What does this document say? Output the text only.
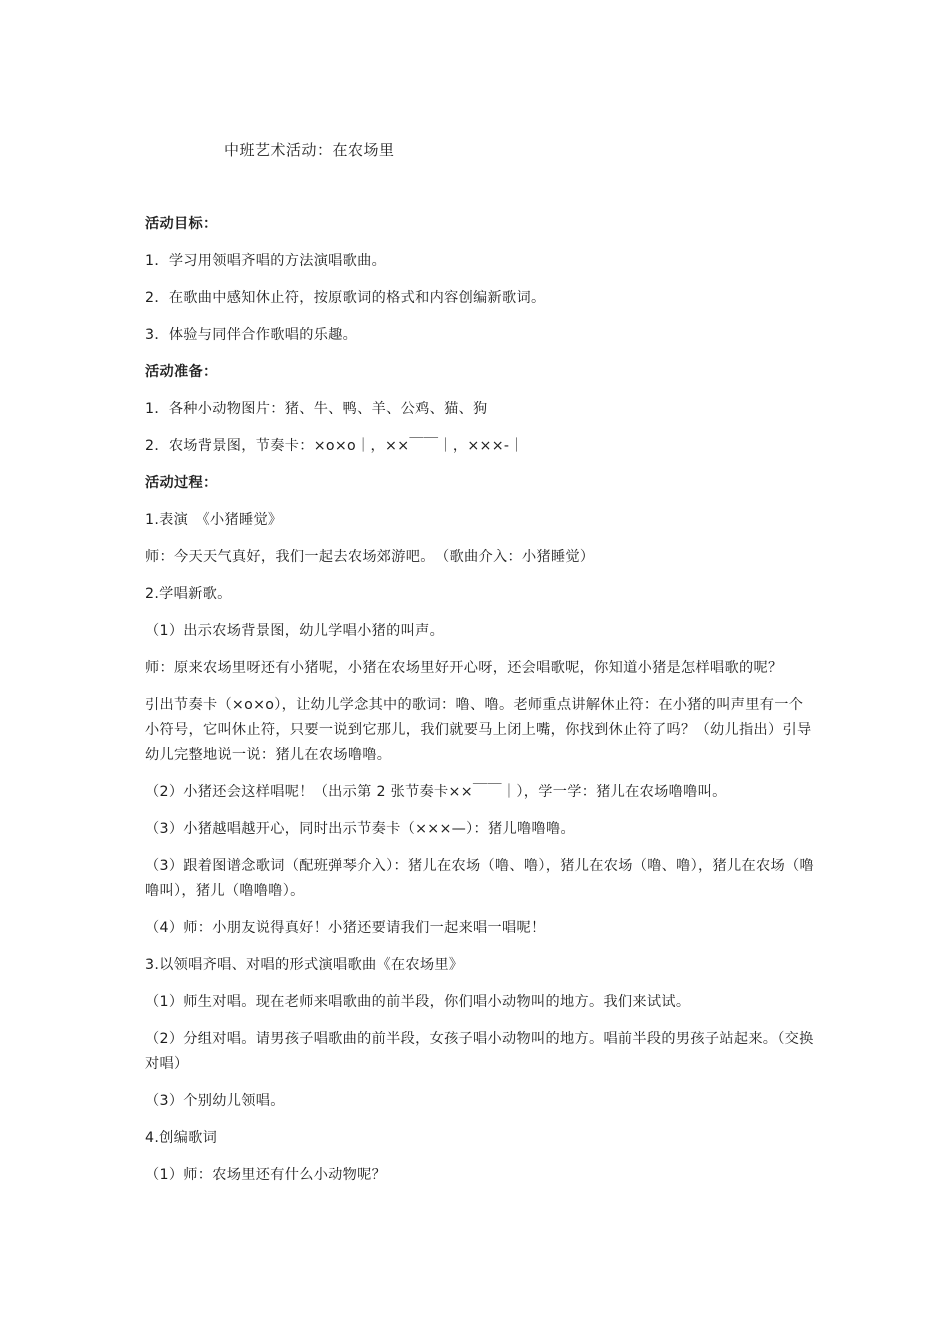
中班艺术活动：在农场里

活动目标：

1．学习用领唱齐唱的方法演唱歌曲。

2．在歌曲中感知休止符，按原歌词的格式和内容创编新歌词。

3．体验与同伴合作歌唱的乐趣。

活动准备：

1．各种小动物图片：猪、牛、鸭、羊、公鸡、猫、狗

2．农场背景图，节奏卡：×o×o｜，××￣￣｜，×××-｜

活动过程：

1.表演　《小猪睡觉》

师：今天天气真好，我们一起去农场郊游吧。　（歌曲介入：小猪睡觉）

2.学唱新歌。

（1）出示农场背景图，幼儿学唱小猪的叫声。

师：原来农场里呀还有小猪呢，小猪在农场里好开心呀，还会唱歌呢，你知道小猪是怎样唱歌的呢？

引出节奏卡（×o×o），让幼儿学念其中的歌词：噜、噜。老师重点讲解休止符：在小猪的叫声里有一个小符号，它叫休止符，只要一说到它那儿，我们就要马上闭上嘴，你找到休止符了吗？（幼儿指出）引导幼儿完整地说一说：猪儿在农场噜噜。

（2）小猪还会这样唱呢！（出示第 2 张节奏卡××￣￣｜），学一学：猪儿在农场噜噜叫。

（3）小猪越唱越开心，同时出示节奏卡（×××—）：猪儿噜噜噜。

（3）跟着图谱念歌词（配班弹琴介入）：猪儿在农场（噜、噜），猪儿在农场（噜、噜），猪儿在农场（噜噜叫），猪儿（噜噜噜）。

（4）师：小朋友说得真好！小猪还要请我们一起来唱一唱呢！

3.以领唱齐唱、对唱的形式演唱歌曲《在农场里》

（1）师生对唱。现在老师来唱歌曲的前半段，你们唱小动物叫的地方。我们来试试。

（2）分组对唱。请男孩子唱歌曲的前半段，女孩子唱小动物叫的地方。唱前半段的男孩子站起来。（交换对唱）

（3）个别幼儿领唱。

4.创编歌词

（1）师：农场里还有什么小动物呢？
